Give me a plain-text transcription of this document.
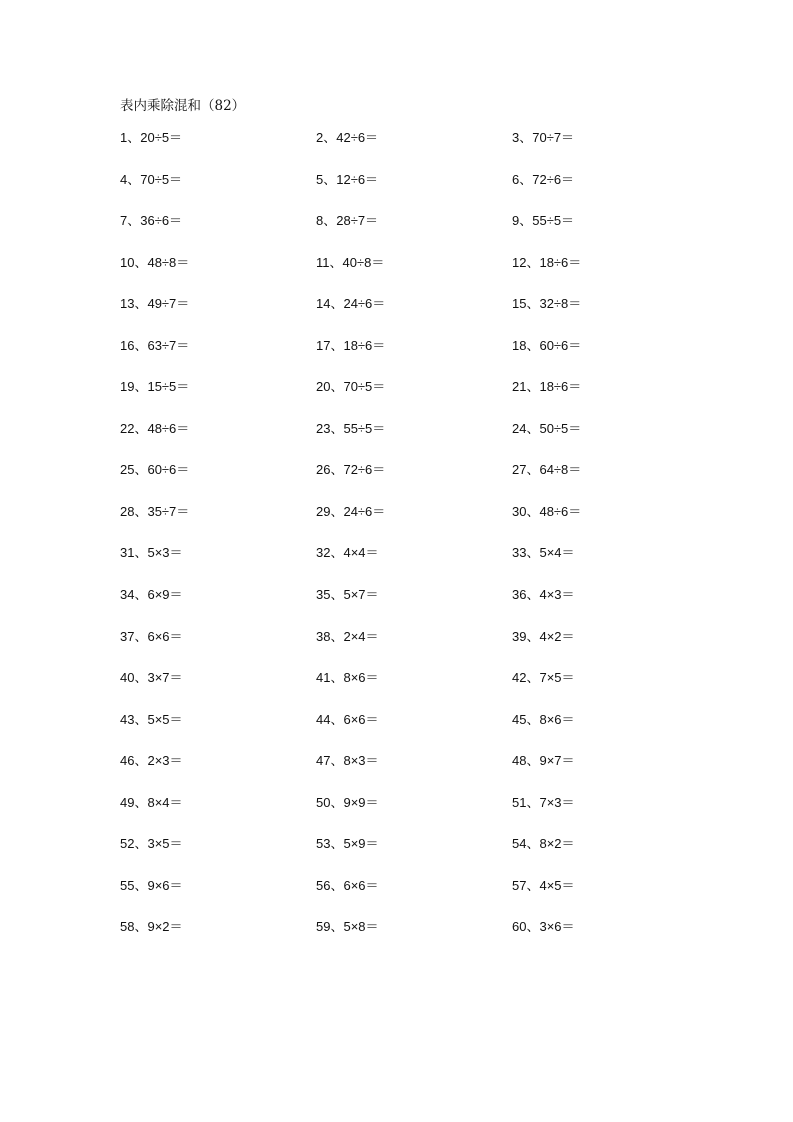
表内乘除混和（82）
1、20÷5＝	2、42÷6＝	3、70÷7＝
4、70÷5＝	5、12÷6＝	6、72÷6＝
7、36÷6＝	8、28÷7＝	9、55÷5＝
10、48÷8＝	11、40÷8＝	12、18÷6＝
13、49÷7＝	14、24÷6＝	15、32÷8＝
16、63÷7＝	17、18÷6＝	18、60÷6＝
19、15÷5＝	20、70÷5＝	21、18÷6＝
22、48÷6＝	23、55÷5＝	24、50÷5＝
25、60÷6＝	26、72÷6＝	27、64÷8＝
28、35÷7＝	29、24÷6＝	30、48÷6＝
31、5×3＝	32、4×4＝	33、5×4＝
34、6×9＝	35、5×7＝	36、4×3＝
37、6×6＝	38、2×4＝	39、4×2＝
40、3×7＝	41、8×6＝	42、7×5＝
43、5×5＝	44、6×6＝	45、8×6＝
46、2×3＝	47、8×3＝	48、9×7＝
49、8×4＝	50、9×9＝	51、7×3＝
52、3×5＝	53、5×9＝	54、8×2＝
55、9×6＝	56、6×6＝	57、4×5＝
58、9×2＝	59、5×8＝	60、3×6＝
